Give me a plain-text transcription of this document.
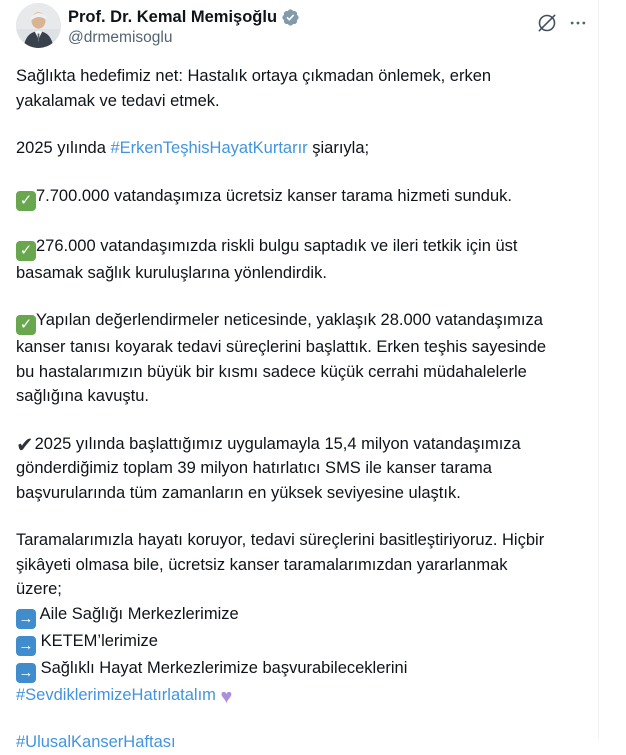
Prof. Dr. Kemal Memişoğlu
@drmemisoglu

Sağlıkta hedefimiz net: Hastalık ortaya çıkmadan önlemek, erken
yakalamak ve tedavi etmek.

2025 yılında #ErkenTeşhisHayatKurtarır şiarıyla;

✓ 7.700.000 vatandaşımıza ücretsiz kanser tarama hizmeti sunduk.

✓ 276.000 vatandaşımızda riskli bulgu saptadık ve ileri tetkik için üst
basamak sağlık kuruluşlarına yönlendirdik.

✓ Yapılan değerlendirmeler neticesinde, yaklaşık 28.000 vatandaşımıza
kanser tanısı koyarak tedavi süreçlerini başlattık. Erken teşhis sayesinde
bu hastalarımızın büyük bir kısmı sadece küçük cerrahi müdahalelerle
sağlığına kavuştu.

✔2025 yılında başlattığımız uygulamayla 15,4 milyon vatandaşımıza
gönderdiğimiz toplam 39 milyon hatırlatıcı SMS ile kanser tarama
başvurularında tüm zamanların en yüksek seviyesine ulaştık.

Taramalarımızla hayatı koruyor, tedavi süreçlerini basitleştiriyoruz. Hiçbir
şikâyeti olmasa bile, ücretsiz kanser taramalarımızdan yararlanmak
üzere;
→ Aile Sağlığı Merkezlerimize
→ KETEM’lerimize
→ Sağlıklı Hayat Merkezlerimize başvurabileceklerini
#SevdiklerimizeHatırlatalım ♥

#UlusalKanserHaftası
